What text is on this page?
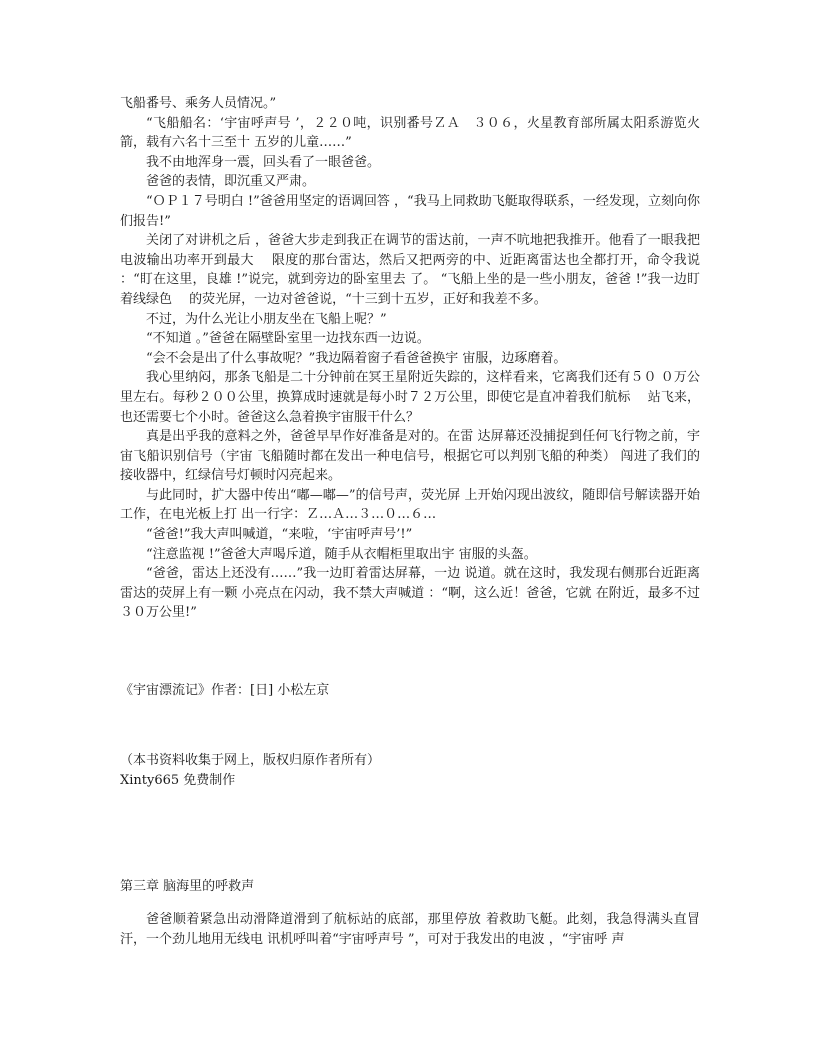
飞船番号、乘务人员情况。”

“飞船船名：‘宇宙呼声号 ’，２２０吨，识别番号ＺＡ　３０６，火星教育部所属太阳系游览火箭，载有六名十三至十 五岁的儿童……”

我不由地浑身一震，回头看了一眼爸爸。

爸爸的表情，即沉重又严肃。

“ＯＰ１７号明白 !”爸爸用坚定的语调回答 ，“我马上同救助飞艇取得联系，一经发现，立刻向你们报告!”

关闭了对讲机之后 ，爸爸大步走到我正在调节的雷达前，一声不吭地把我推开。他看了一眼我把电波输出功率开到最大　 限度的那台雷达，然后又把两旁的中、近距离雷达也全都打开，命令我说 ：“盯在这里，良雄 !”说完，就到旁边的卧室里去 了。 “飞船上坐的是一些小朋友，爸爸 !”我一边盯着线绿色　 的荧光屏，一边对爸爸说，“十三到十五岁，正好和我差不多。

不过，为什么光让小朋友坐在飞船上呢？”

“不知道 。”爸爸在隔壁卧室里一边找东西一边说。

“会不会是出了什么事故呢？”我边隔着窗子看爸爸换宇 宙服，边琢磨着。

我心里纳闷，那条飞船是二十分钟前在冥王星附近失踪的，这样看来，它离我们还有５０ ０万公里左右。每秒２００公里，换算成时速就是每小时７２万公里，即使它是直冲着我们航标　 站飞来，也还需要七个小时。爸爸这么急着换宇宙服干什么？

真是出乎我的意料之外，爸爸早早作好准备是对的。在雷 达屏幕还没捕捉到任何飞行物之前，宇宙飞船识别信号（宇宙 飞船随时都在发出一种电信号，根据它可以判别飞船的种类） 闯进了我们的接收器中，红绿信号灯顿时闪亮起来。

与此同时，扩大器中传出“嘟—嘟—”的信号声，荧光屏 上开始闪现出波纹，随即信号解读器开始工作，在电光板上打 出一行字：Ｚ…Ａ…３…０…６…

“爸爸!”我大声叫喊道，“来啦，‘宇宙呼声号’!”

“注意监视 !”爸爸大声喝斥道，随手从衣帽柜里取出宇 宙服的头盔。

“爸爸，雷达上还没有……”我一边盯着雷达屏幕，一边 说道。就在这时，我发现右侧那台近距离雷达的荧屏上有一颗 小亮点在闪动，我不禁大声喊道 ：“啊，这么近！爸爸，它就 在附近，最多不过３０万公里!”

《宇宙漂流记》作者：[日] 小松左京

（本书资料收集于网上，版权归原作者所有）
Xinty665 免费制作

第三章 脑海里的呼救声

爸爸顺着紧急出动滑降道滑到了航标站的底部，那里停放 着救助飞艇。此刻，我急得满头直冒汗，一个劲儿地用无线电 讯机呼叫着“宇宙呼声号 ”，可对于我发出的电波 ，“宇宙呼 声
